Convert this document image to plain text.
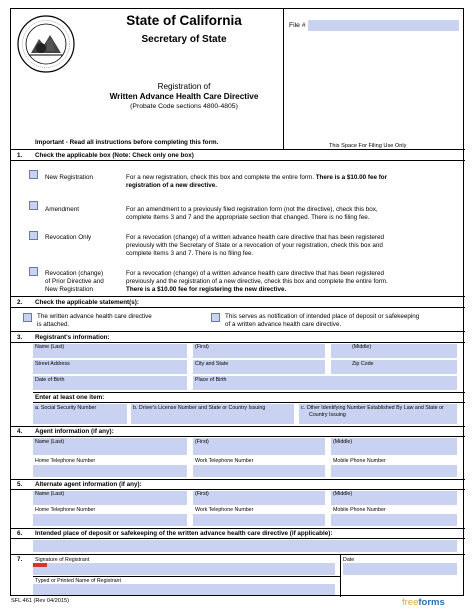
State of California
Secretary of State
Registration of
Written Advance Health Care Directive
(Probate Code sections 4800-4805)
Important - Read all instructions before completing this form.
File #
This Space For Filing Use Only
1. Check the applicable box (Note: Check only one box)
New Registration	For a new registration, check this box and complete the entire form. There is a $10.00 fee for
registration of a new directive.
Amendment	For an amendment to a previously filed registration form (not the directive), check this box,
complete Items 3 and 7 and the appropriate section that changed. There is no filing fee.
Revocation Only	For a revocation (change) of a written advance health care directive that has been registered
previously with the Secretary of State or a revocation of your registration, check this box and
complete Items 3 and 7. There is no filing fee.
Revocation (change)
of Prior Directive and
New Registration
For a revocation (change) of a written advance health care directive that has been registered
previously and the registration of a new directive, check this box and complete the entire form.
There is a $10.00 fee for registering the new directive.
2. Check the applicable statement(s):
The written advance health care directive
is attached.
This serves as notification of intended place of deposit or safekeeping
of a written advance health care directive.
3. Registrant's information:
Name (Last)	(First)	(Middle)
Street Address	City and State	Zip Code
Date of Birth	Place of Birth
Enter at least one item:
a. Social Security Number	b. Driver's License Number and State or Country Issuing	c. Other Identifying Number Established By Law and State or
Country Issuing
4. Agent information (if any):
Name (Last)	(First)	(Middle)
Home Telephone Number	Work Telephone Number	Mobile Phone Number
5. Alternate agent information (if any):
Name (Last)	(First)	(Middle)
Home Telephone Number	Work Telephone Number	Mobile Phone Number
6. Intended place of deposit or safekeeping of the written advance health care directive (if applicable):
7. Signature of Registrant	Date
Typed or Printed Name of Registrant
SFL 461 (Rev 04/2015)	freeforms
